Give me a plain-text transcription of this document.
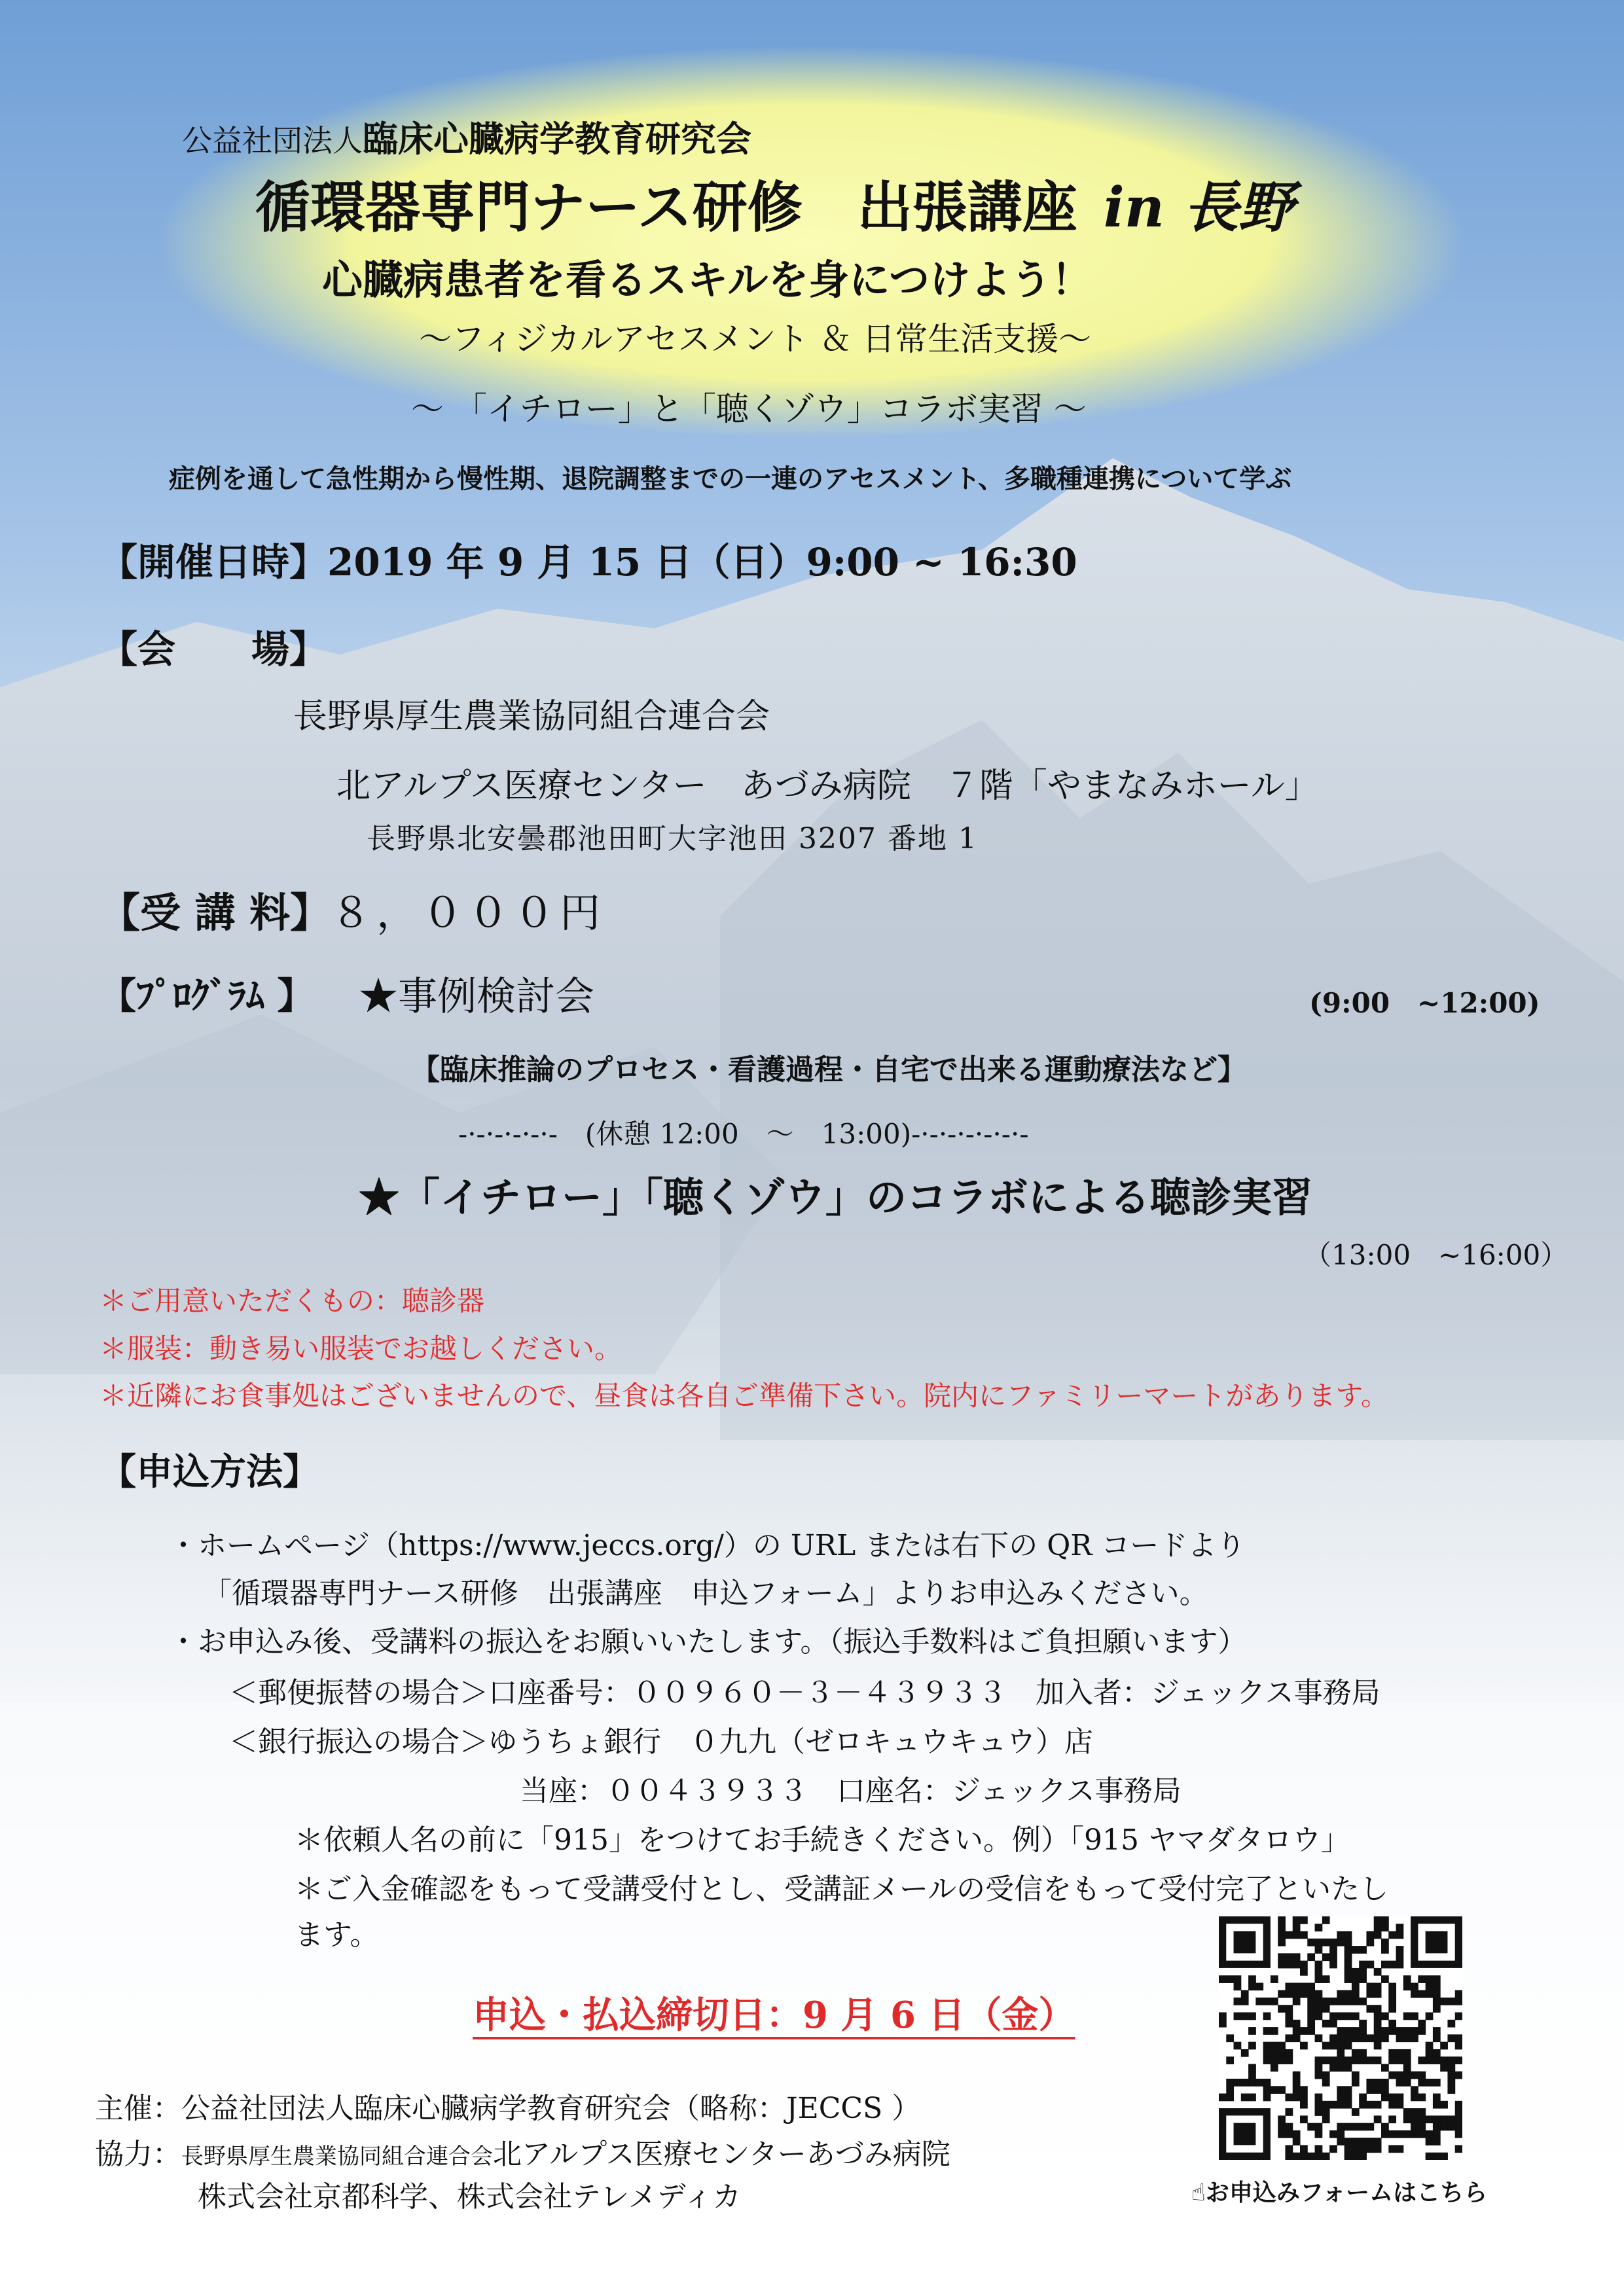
公益社団法人臨床心臓病学教育研究会
循環器専門ナース研修　出張講座 in 長野
心臓病患者を看るスキルを身につけよう！
～フィジカルアセスメント ＆ 日常生活支援～
～ 「イチロー」と「聴くゾウ」コラボ実習 ～
症例を通して急性期から慢性期、退院調整までの一連のアセスメント、多職種連携について学ぶ
【開催日時】2019 年 9 月 15 日（日）9:00 ~ 16:30
【会　　場】
長野県厚生農業協同組合連合会
北アルプス医療センター　あづみ病院　７階「やまなみホール」
長野県北安曇郡池田町大字池田 3207 番地 1
【受 講 料】８，０００円
【ﾌﾟﾛｸﾞﾗﾑ 】 ★事例検討会	(9:00　~12:00)
【臨床推論のプロセス・看護過程・自宅で出来る運動療法など】
-·-·-·-·-·-　(休憩 12:00　～　13:00)-·-·-·-·-·-·-
★「イチロー」「聴くゾウ」のコラボによる聴診実習
（13:00　~16:00）
＊ご用意いただくもの：聴診器
＊服装：動き易い服装でお越しください。
＊近隣にお食事処はございませんので、昼食は各自ご準備下さい。院内にファミリーマートがあります。
【申込方法】
・ホームページ（https://www.jeccs.org/）の URL または右下の QR コードより
「循環器専門ナース研修　出張講座　申込フォーム」よりお申込みください。
・お申込み後、受講料の振込をお願いいたします。（振込手数料はご負担願います）
＜郵便振替の場合＞口座番号：００９６０－３－４３９３３　加入者：ジェックス事務局
＜銀行振込の場合＞ゆうちょ銀行　０九九（ゼロキュウキュウ）店
当座：００４３９３３　口座名：ジェックス事務局
＊依頼人名の前に「915」をつけてお手続きください。例）「915 ヤマダタロウ」
＊ご入金確認をもって受講受付とし、受講証メールの受信をもって受付完了といたし
ます。
申込・払込締切日：9 月 6 日（金）
主催：公益社団法人臨床心臓病学教育研究会（略称：JECCS ）
協力：長野県厚生農業協同組合連合会北アルプス医療センターあづみ病院
株式会社京都科学、株式会社テレメディカ	☝お申込みフォームはこちら
